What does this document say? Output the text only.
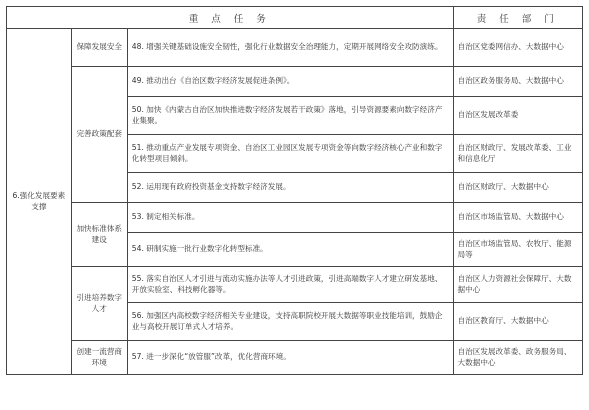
重 点 任 务			责 任 部 门
6.强化发展要素支撑	保障发展安全	48. 增强关键基础设施安全韧性，强化行业数据安全治理能力，定期开展网络安全攻防演练。	自治区党委网信办、大数据中心
	完善政策配套	49. 推动出台《自治区数字经济发展促进条例》。	自治区政务服务局、大数据中心
		50. 加快《内蒙古自治区加快推进数字经济发展若干政策》落地，引导资源要素向数字经济产业集聚。	自治区发展改革委
		51. 推动重点产业发展专项资金、自治区工业园区发展专项资金等向数字经济核心产业和数字化转型项目倾斜。	自治区财政厅、发展改革委、工业和信息化厅
		52. 运用现有政府投资基金支持数字经济发展。	自治区财政厅、大数据中心
	加快标准体系建设	53. 制定相关标准。	自治区市场监管局、大数据中心
		54. 研制实施一批行业数字化转型标准。	自治区市场监管局、农牧厅、能源局等
	引进培养数字人才	55. 落实自治区人才引进与流动实施办法等人才引进政策，引进高端数字人才建立研发基地、开放实验室、科技孵化器等。	自治区人力资源社会保障厅、大数据中心
		56. 加强区内高校数字经济相关专业建设，支持高职院校开展大数据等职业技能培训，鼓励企业与高校开展订单式人才培养。	自治区教育厅、大数据中心
	创建一流营商环境	57. 进一步深化“放管服”改革，优化营商环境。	自治区发展改革委、政务服务局、大数据中心
